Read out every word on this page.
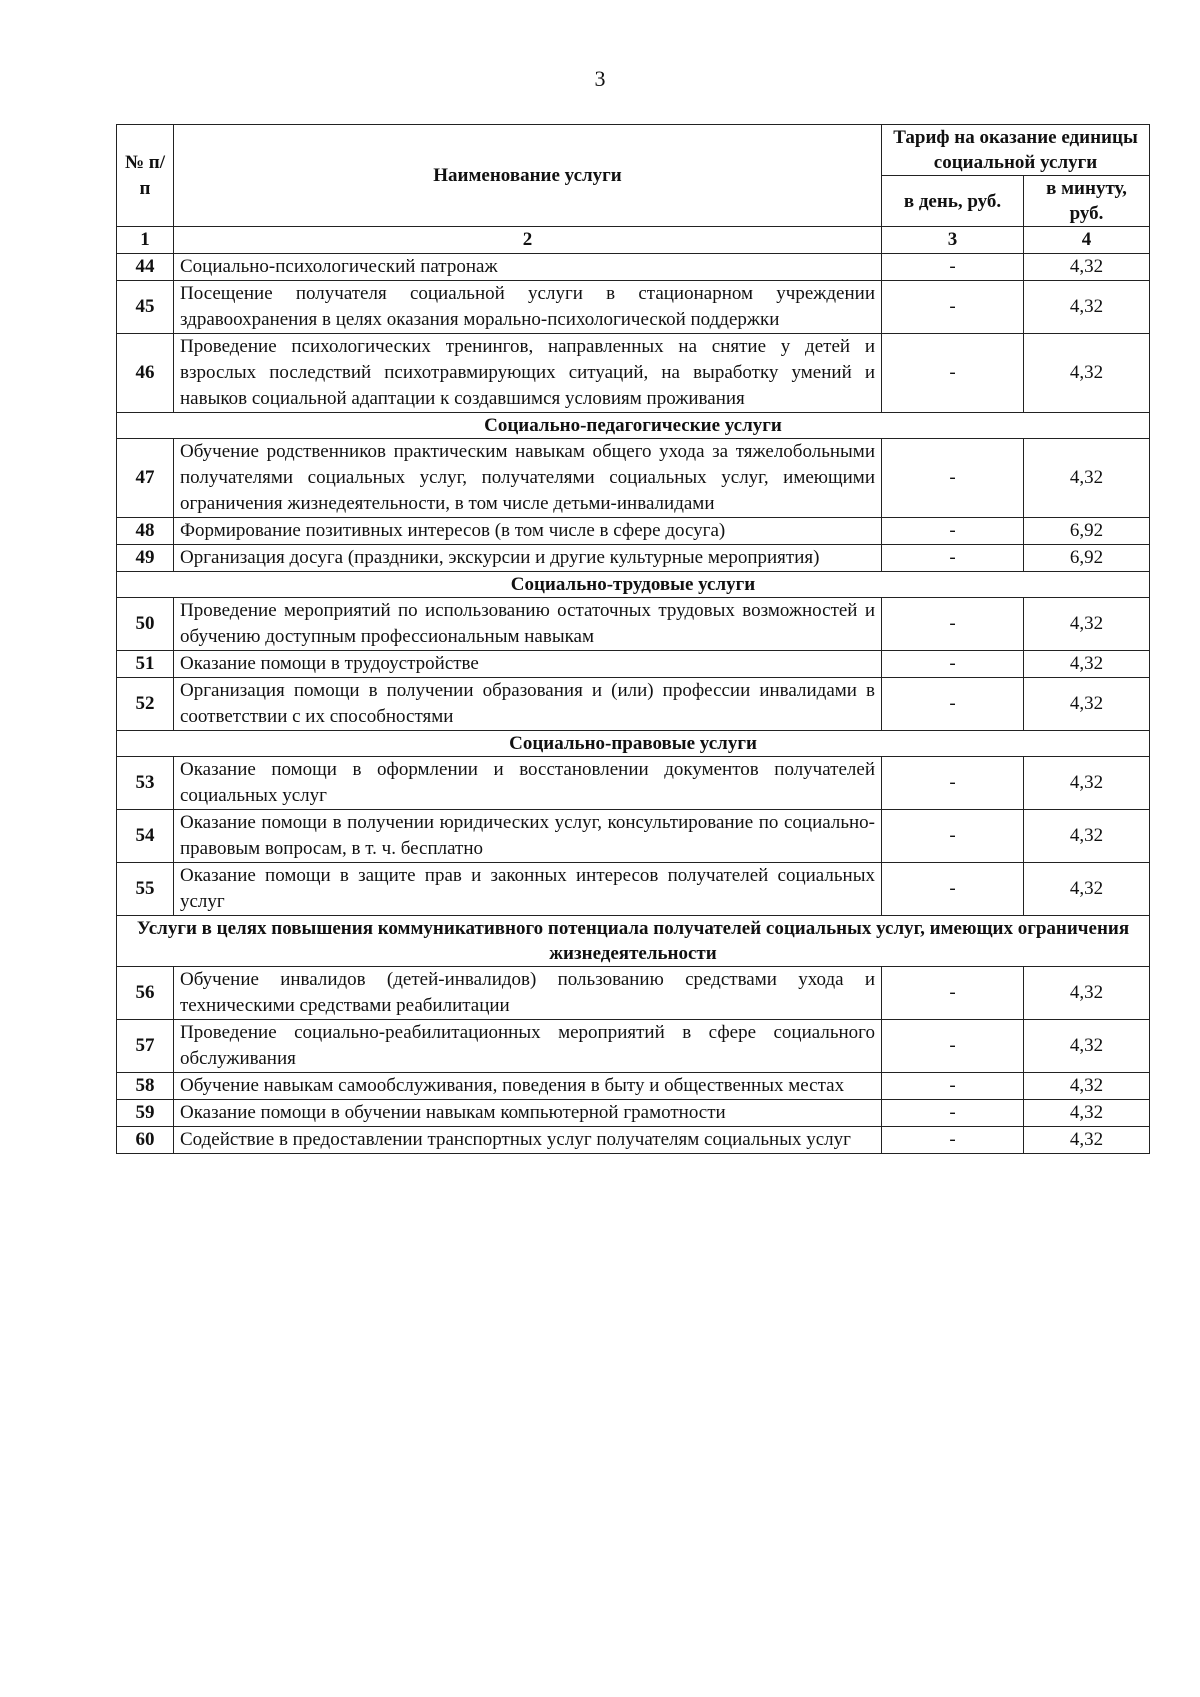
3
№ п/п	Наименование услуги	Тариф на оказание единицы социальной услуги	
		в день, руб.	в минуту, руб.
1	2	3	4
44	Социально-психологический патронаж	-	4,32
45	Посещение получателя социальной услуги в стационарном учреждении здравоохранения в целях оказания морально-психологической поддержки	-	4,32
46	Проведение психологических тренингов, направленных на снятие у детей и взрослых последствий психотравмирующих ситуаций, на выработку умений и навыков социальной адаптации к создавшимся условиям проживания	-	4,32
Социально-педагогические услуги			
47	Обучение родственников практическим навыкам общего ухода за тяжелобольными получателями социальных услуг, получателями социальных услуг, имеющими ограничения жизнедеятельности, в том числе детьми-инвалидами	-	4,32
48	Формирование позитивных интересов (в том числе в сфере досуга)	-	6,92
49	Организация досуга (праздники, экскурсии и другие культурные мероприятия)	-	6,92
Социально-трудовые услуги			
50	Проведение мероприятий по использованию остаточных трудовых возможностей и обучению доступным профессиональным навыкам	-	4,32
51	Оказание помощи в трудоустройстве	-	4,32
52	Организация помощи в получении образования и (или) профессии инвалидами в соответствии с их способностями	-	4,32
Социально-правовые услуги			
53	Оказание помощи в оформлении и восстановлении документов получателей социальных услуг	-	4,32
54	Оказание помощи в получении юридических услуг, консультирование по социально-правовым вопросам, в т. ч. бесплатно	-	4,32
55	Оказание помощи в защите прав и законных интересов получателей социальных услуг	-	4,32
Услуги в целях повышения коммуникативного потенциала получателей социальных услуг, имеющих ограничения жизнедеятельности			
56	Обучение инвалидов (детей-инвалидов) пользованию средствами ухода и техническими средствами реабилитации	-	4,32
57	Проведение социально-реабилитационных мероприятий в сфере социального обслуживания	-	4,32
58	Обучение навыкам самообслуживания, поведения в быту и общественных местах	-	4,32
59	Оказание помощи в обучении навыкам компьютерной грамотности	-	4,32
60	Содействие в предоставлении транспортных услуг получателям социальных услуг	-	4,32
